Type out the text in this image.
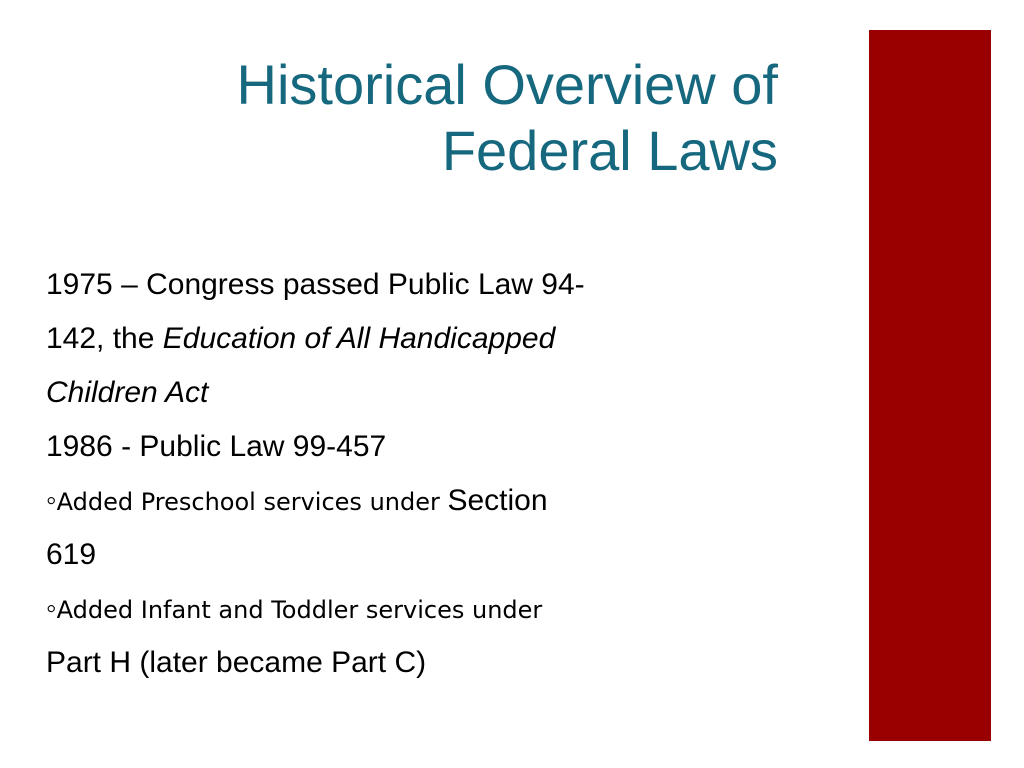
Historical Overview of
Federal Laws
1975 – Congress passed Public Law 94-
142, the Education of All Handicapped
Children Act
1986 - Public Law 99-457
◦Added Preschool services under Section
619
◦Added Infant and Toddler services under
Part H (later became Part C)
